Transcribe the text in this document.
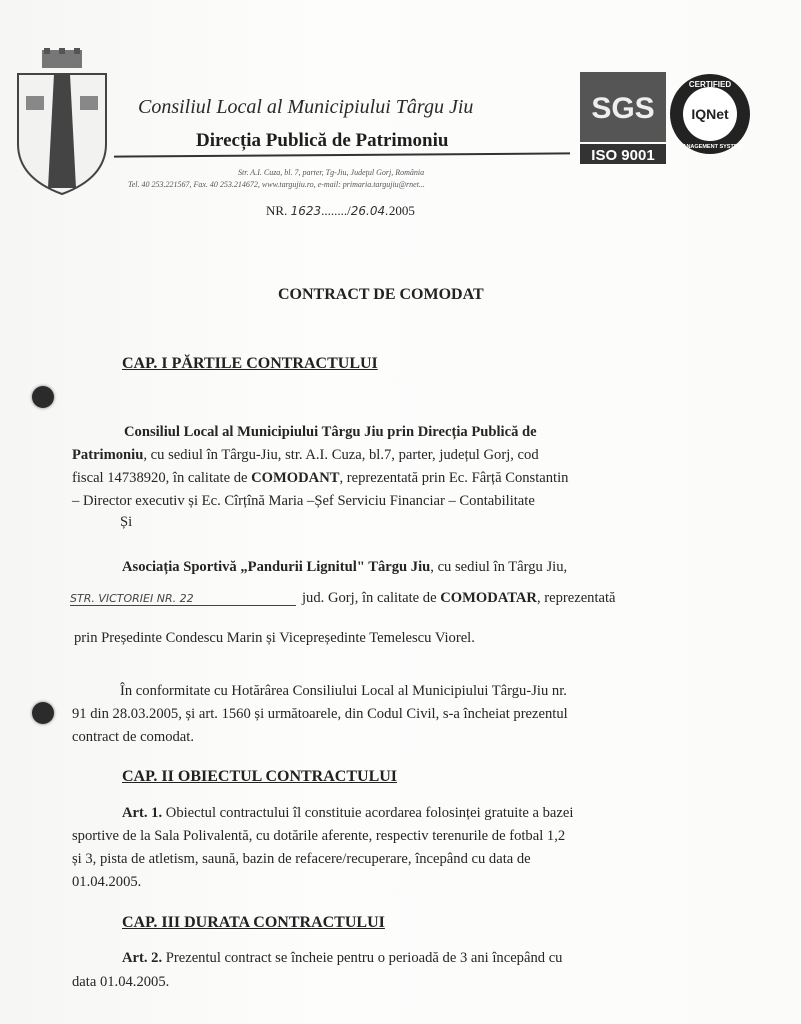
Consiliul Local al Municipiului Târgu Jiu
Direcția Publică de Patrimoniu
Str. A.I. Cuza, bl. 7, parter, Tg-Jiu, Judeţul Gorj, România
Tel. 40 253.221567, Fax. 40 253.214672, www.targujiu.ro, e-mail: primaria.targujiu@rnet...
NR. 1623......../26.04.2005
SGS
ISO 9001
CERTIFIED
IQNet
MANAGEMENT SYSTEM
CONTRACT DE COMODAT
CAP. I PĂRTILE CONTRACTULUI
Consiliul Local al Municipiului Târgu Jiu prin Direcția Publică de
Patrimoniu, cu sediul în Târgu-Jiu, str. A.I. Cuza, bl.7, parter, județul Gorj, cod
fiscal 14738920, în calitate de COMODANT, reprezentată prin Ec. Fârță Constantin
– Director executiv și Ec. Cîrțînă Maria –Șef Serviciu Financiar – Contabilitate
Și
Asociația Sportivă „Pandurii Lignitul" Târgu Jiu, cu sediul în Târgu Jiu,
STR. VICTORIEI NR. 22	jud. Gorj, în calitate de COMODATAR, reprezentată
prin Președinte Condescu Marin și Vicepreședinte Temelescu Viorel.
În conformitate cu Hotărârea Consiliului Local al Municipiului Târgu-Jiu nr.
91 din 28.03.2005, și art. 1560 și următoarele, din Codul Civil, s-a încheiat prezentul
contract de comodat.
CAP. II OBIECTUL CONTRACTULUI
Art. 1. Obiectul contractului îl constituie acordarea folosinței gratuite a bazei
sportive de la Sala Polivalentă, cu dotările aferente, respectiv terenurile de fotbal 1,2
și 3, pista de atletism, saună, bazin de refacere/recuperare, începând cu data de
01.04.2005.
CAP. III DURATA CONTRACTULUI
Art. 2. Prezentul contract se încheie pentru o perioadă de 3 ani începând cu
data 01.04.2005.
